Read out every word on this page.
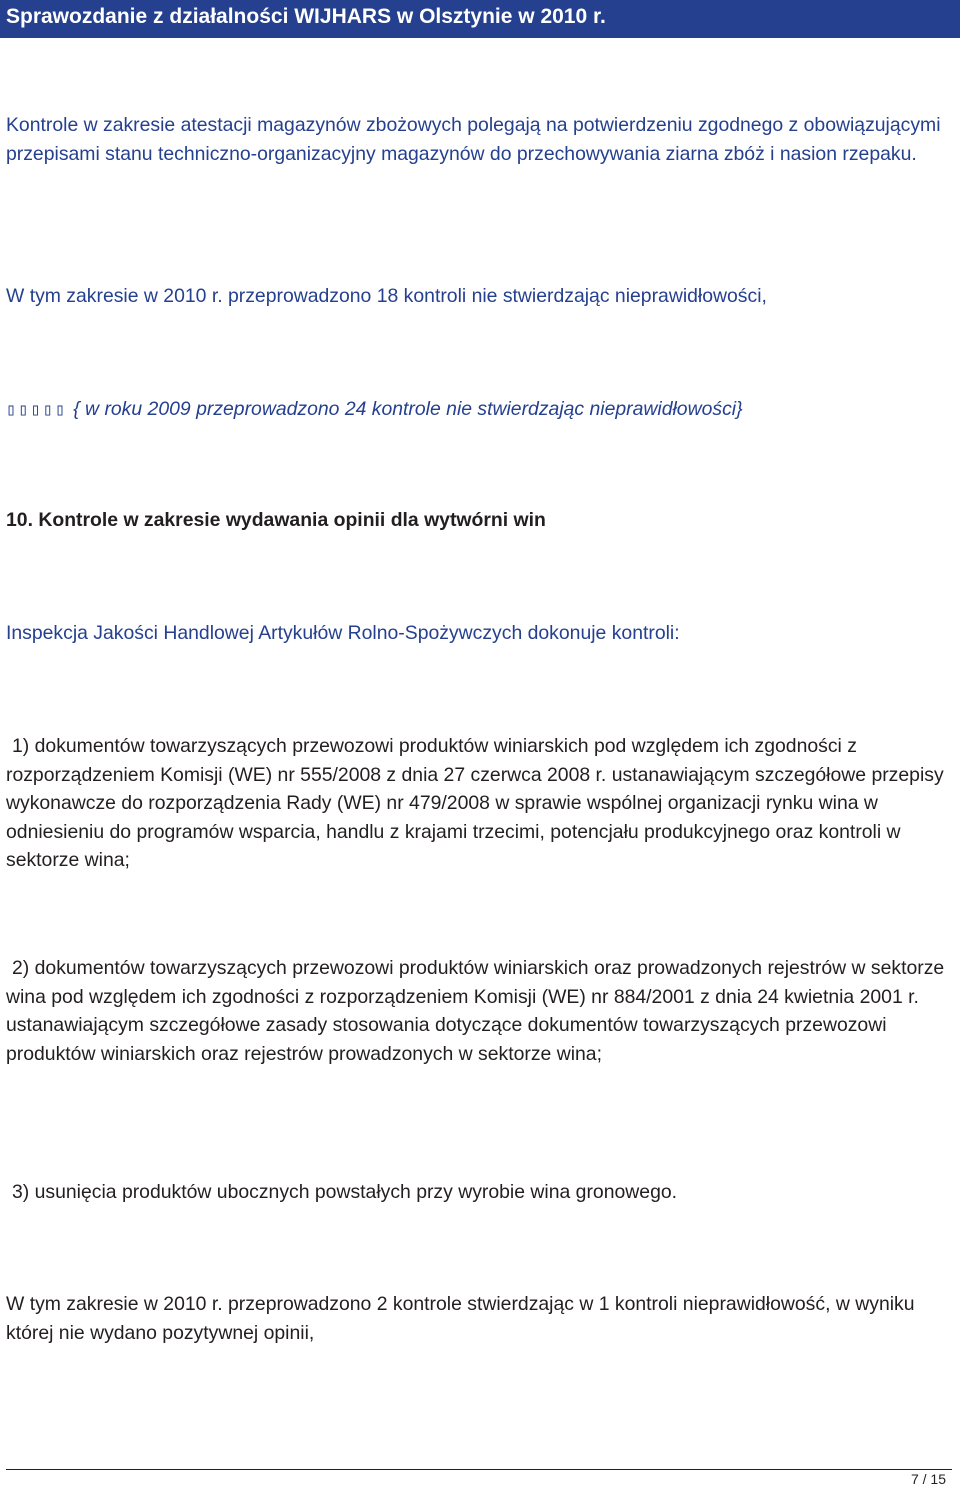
Sprawozdanie z działalności WIJHARS w Olsztynie w 2010 r.

Kontrole w zakresie atestacji magazynów zbożowych polegają na potwierdzeniu zgodnego z obowiązującymi przepisami stanu techniczno-organizacyjny magazynów do przechowywania ziarna zbóż i nasion rzepaku.

W tym zakresie w 2010 r. przeprowadzono 18 kontroli nie stwierdzając nieprawidłowości,

▯▯▯▯▯ { w roku 2009 przeprowadzono 24 kontrole nie stwierdzając nieprawidłowości}

10. Kontrole w zakresie wydawania opinii dla wytwórni win

Inspekcja Jakości Handlowej Artykułów Rolno-Spożywczych dokonuje kontroli:

1) dokumentów towarzyszących przewozowi produktów winiarskich pod względem ich zgodności z rozporządzeniem Komisji (WE) nr 555/2008 z dnia 27 czerwca 2008 r. ustanawiającym szczegółowe przepisy wykonawcze do rozporządzenia Rady (WE) nr 479/2008 w sprawie wspólnej organizacji rynku wina w odniesieniu do programów wsparcia, handlu z krajami trzecimi, potencjału produkcyjnego oraz kontroli w sektorze wina;

2) dokumentów towarzyszących przewozowi produktów winiarskich oraz prowadzonych rejestrów w sektorze wina pod względem ich zgodności z rozporządzeniem Komisji (WE) nr 884/2001 z dnia 24 kwietnia 2001 r. ustanawiającym szczegółowe zasady stosowania dotyczące dokumentów towarzyszących przewozowi produktów winiarskich oraz rejestrów prowadzonych w sektorze wina;

3) usunięcia produktów ubocznych powstałych przy wyrobie wina gronowego.

W tym zakresie w 2010 r. przeprowadzono 2 kontrole stwierdzając w 1 kontroli nieprawidłowość, w wyniku której nie wydano pozytywnej opinii,

7 / 15
